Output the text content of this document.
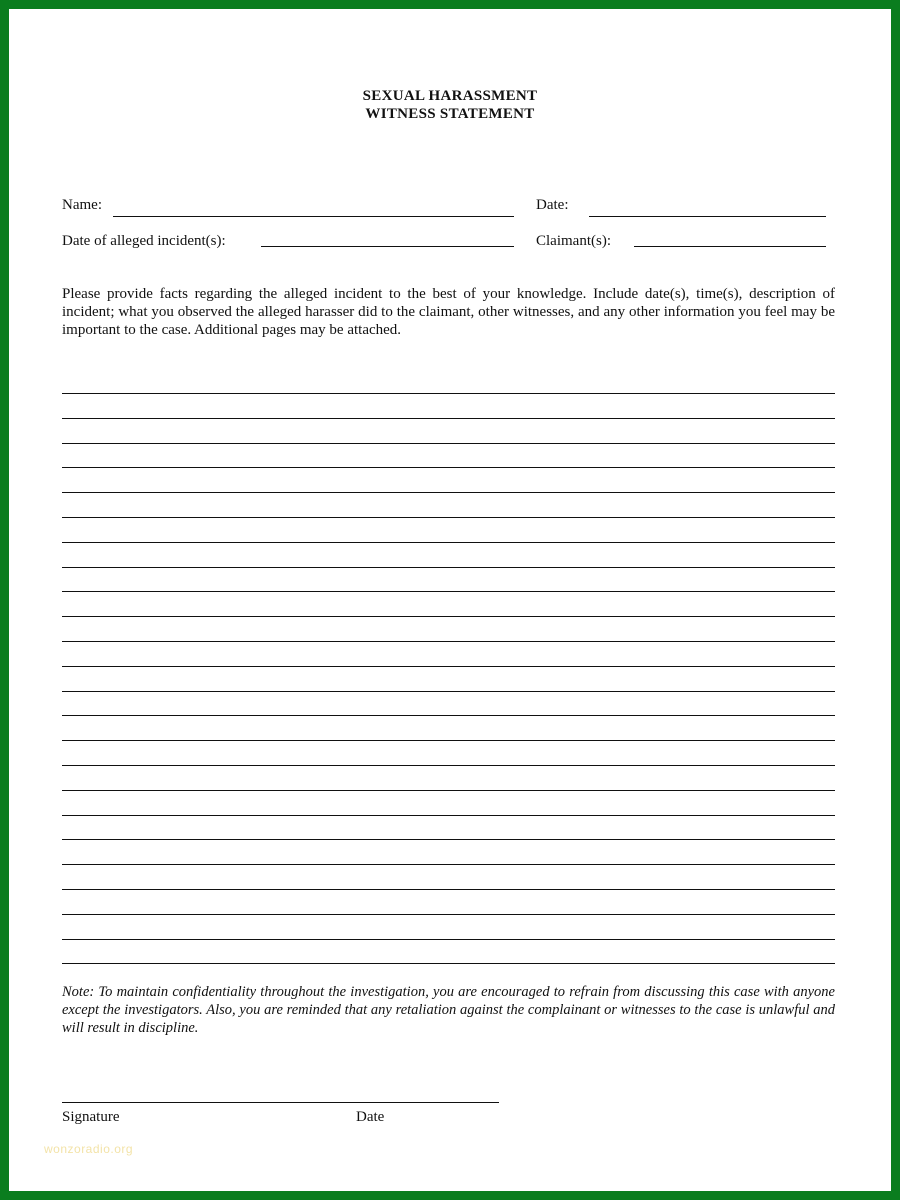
SEXUAL HARASSMENT
WITNESS STATEMENT
Name:	Date:
Date of alleged incident(s):	Claimant(s):
Please provide facts regarding the alleged incident to the best of your knowledge. Include date(s), time(s), description of incident; what you observed the alleged harasser did to the claimant, other witnesses, and any other information you feel may be important to the case. Additional pages may be attached.
Note: To maintain confidentiality throughout the investigation, you are encouraged to refrain from discussing this case with anyone except the investigators. Also, you are reminded that any retaliation against the complainant or witnesses to the case is unlawful and will result in discipline.
Signature	Date
wonzoradio.org
